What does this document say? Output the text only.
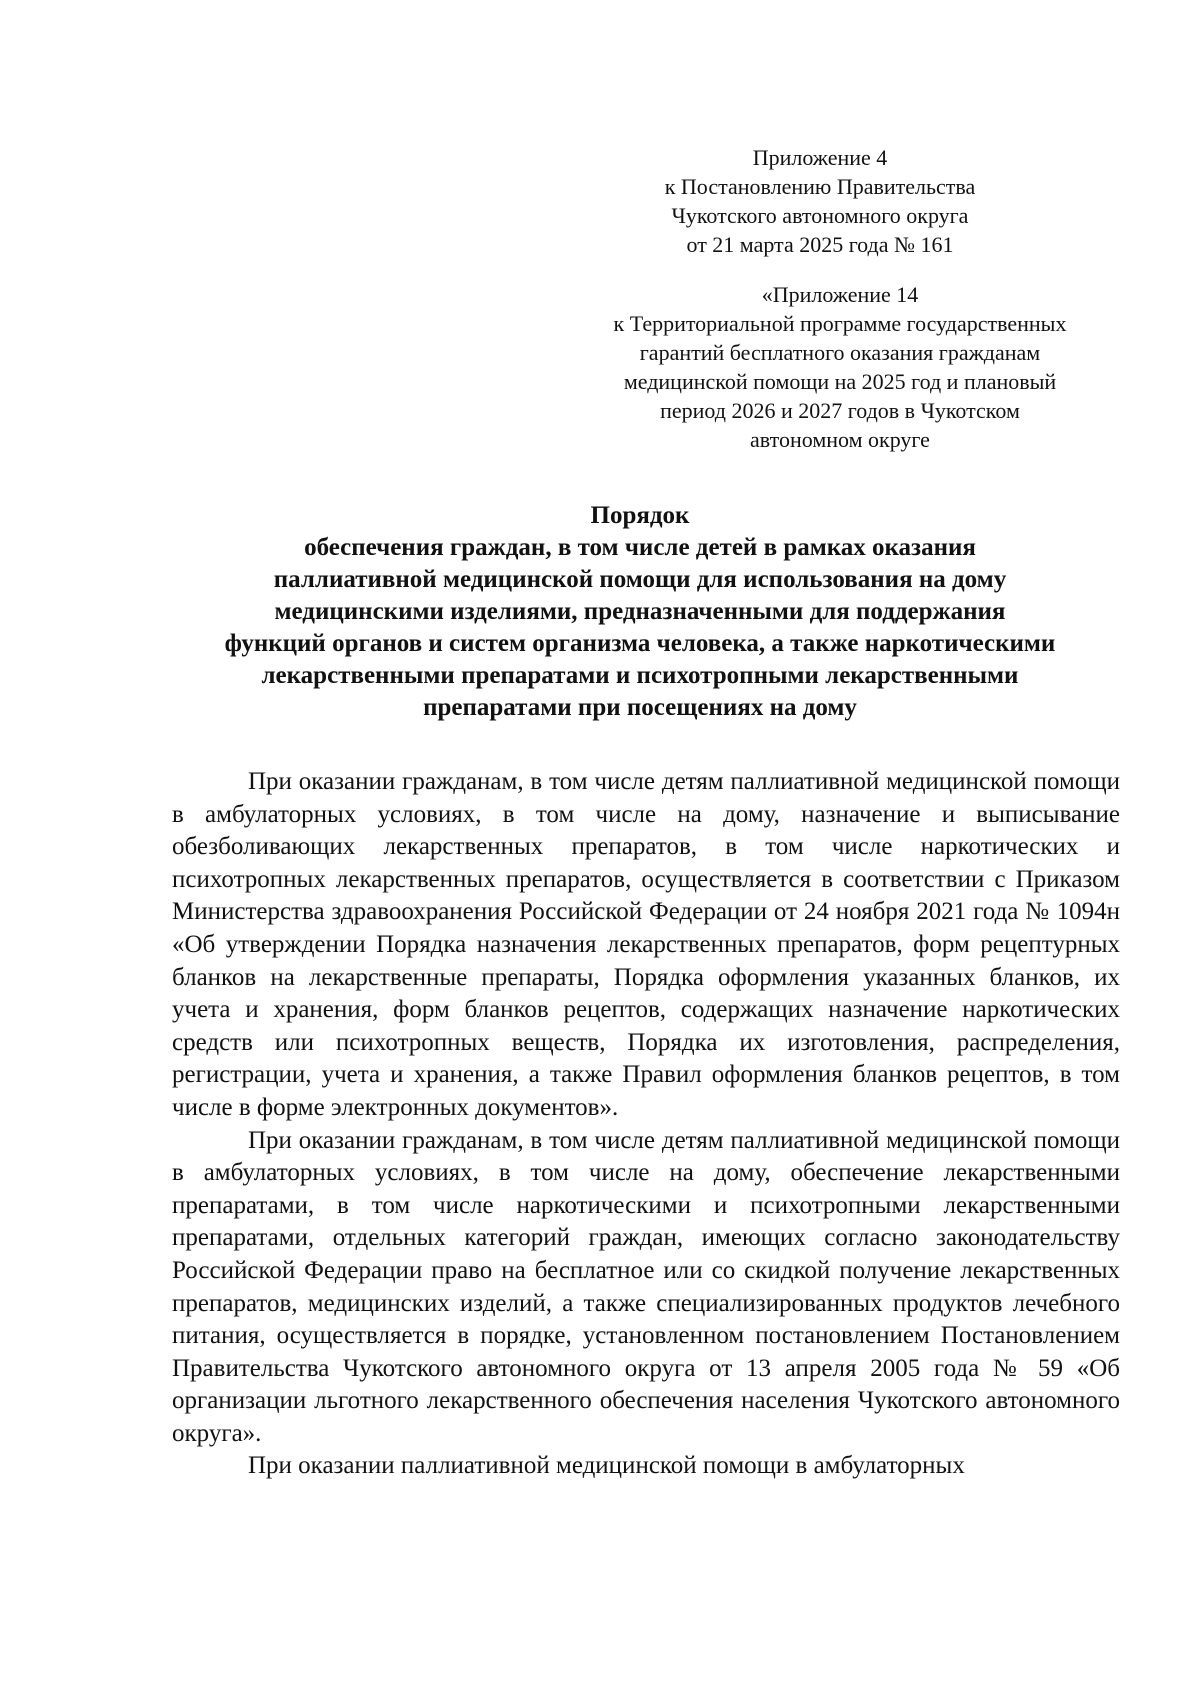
Приложение 4
к Постановлению Правительства
Чукотского автономного округа
от 21 марта 2025 года № 161
«Приложение 14
к Территориальной программе государственных
гарантий бесплатного оказания гражданам
медицинской помощи на 2025 год и плановый
период 2026 и 2027 годов в Чукотском
автономном округе
Порядок
обеспечения граждан, в том числе детей в рамках оказания
паллиативной медицинской помощи для использования на дому
медицинскими изделиями, предназначенными для поддержания
функций органов и систем организма человека, а также наркотическими
лекарственными препаратами и психотропными лекарственными
препаратами при посещениях на дому

При оказании гражданам, в том числе детям паллиативной медицинской помощи в амбулаторных условиях, в том числе на дому, назначение и выписывание обезболивающих лекарственных препаратов, в том числе наркотических и психотропных лекарственных препаратов, осуществляется в соответствии с Приказом Министерства здравоохранения Российской Федерации от 24 ноября 2021 года № 1094н «Об утверждении Порядка назначения лекарственных препаратов, форм рецептурных бланков на лекарственные препараты, Порядка оформления указанных бланков, их учета и хранения, форм бланков рецептов, содержащих назначение наркотических средств или психотропных веществ, Порядка их изготовления, распределения, регистрации, учета и хранения, а также Правил оформления бланков рецептов, в том числе в форме электронных документов».

При оказании гражданам, в том числе детям паллиативной медицинской помощи в амбулаторных условиях, в том числе на дому, обеспечение лекарственными препаратами, в том числе наркотическими и психотропными лекарственными препаратами, отдельных категорий граждан, имеющих согласно законодательству Российской Федерации право на бесплатное или со скидкой получение лекарственных препаратов, медицинских изделий, а также специализированных продуктов лечебного питания, осуществляется в порядке, установленном постановлением Постановлением Правительства Чукотского автономного округа от 13 апреля 2005 года № 59 «Об организации льготного лекарственного обеспечения населения Чукотского автономного округа».

При оказании паллиативной медицинской помощи в амбулаторных
